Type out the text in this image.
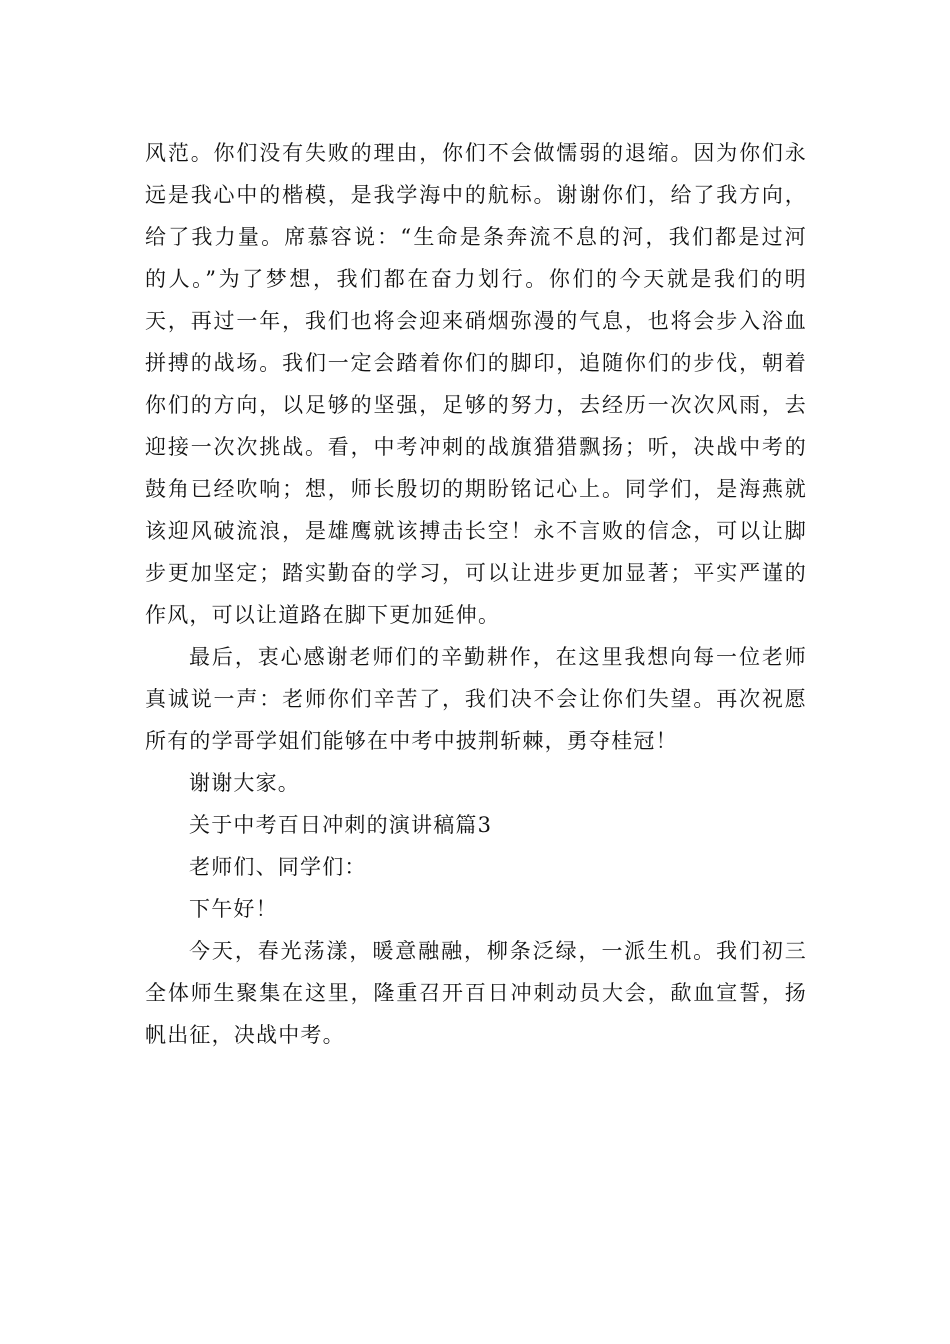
风范。你们没有失败的理由，你们不会做懦弱的退缩。因为你们永
远是我心中的楷模，是我学海中的航标。谢谢你们，给了我方向，
给了我力量。席慕容说：“生命是条奔流不息的河，我们都是过河
的人。”为了梦想，我们都在奋力划行。你们的今天就是我们的明
天，再过一年，我们也将会迎来硝烟弥漫的气息，也将会步入浴血
拼搏的战场。我们一定会踏着你们的脚印，追随你们的步伐，朝着
你们的方向，以足够的坚强，足够的努力，去经历一次次风雨，去
迎接一次次挑战。看，中考冲刺的战旗猎猎飘扬；听，决战中考的
鼓角已经吹响；想，师长殷切的期盼铭记心上。同学们，是海燕就
该迎风破流浪，是雄鹰就该搏击长空！永不言败的信念，可以让脚
步更加坚定；踏实勤奋的学习，可以让进步更加显著；平实严谨的
作风，可以让道路在脚下更加延伸。

最后，衷心感谢老师们的辛勤耕作，在这里我想向每一位老师
真诚说一声：老师你们辛苦了，我们决不会让你们失望。再次祝愿
所有的学哥学姐们能够在中考中披荆斩棘，勇夺桂冠！

谢谢大家。

关于中考百日冲刺的演讲稿篇3

老师们、同学们：

下午好！

今天，春光荡漾，暖意融融，柳条泛绿，一派生机。我们初三
全体师生聚集在这里，隆重召开百日冲刺动员大会，歃血宣誓，扬
帆出征，决战中考。
